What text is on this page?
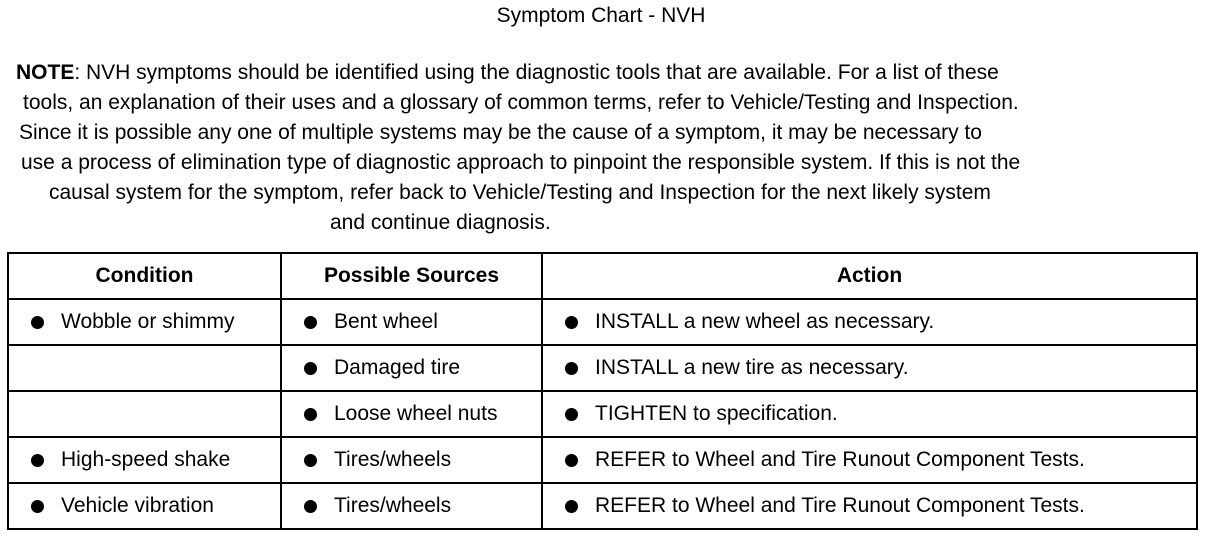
Symptom Chart - NVH
NOTE: NVH symptoms should be identified using the diagnostic tools that are available. For a list of these
tools, an explanation of their uses and a glossary of common terms, refer to Vehicle/Testing and Inspection.
Since it is possible any one of multiple systems may be the cause of a symptom, it may be necessary to
use a process of elimination type of diagnostic approach to pinpoint the responsible system. If this is not the
causal system for the symptom, refer back to Vehicle/Testing and Inspection for the next likely system
and continue diagnosis.
Condition	Possible Sources	Action

Wobble or shimmy	Bent wheel	INSTALL a new wheel as necessary.

	Damaged tire	INSTALL a new tire as necessary.

	Loose wheel nuts	TIGHTEN to specification.

High-speed shake	Tires/wheels	REFER to Wheel and Tire Runout Component Tests.

Vehicle vibration	Tires/wheels	REFER to Wheel and Tire Runout Component Tests.
